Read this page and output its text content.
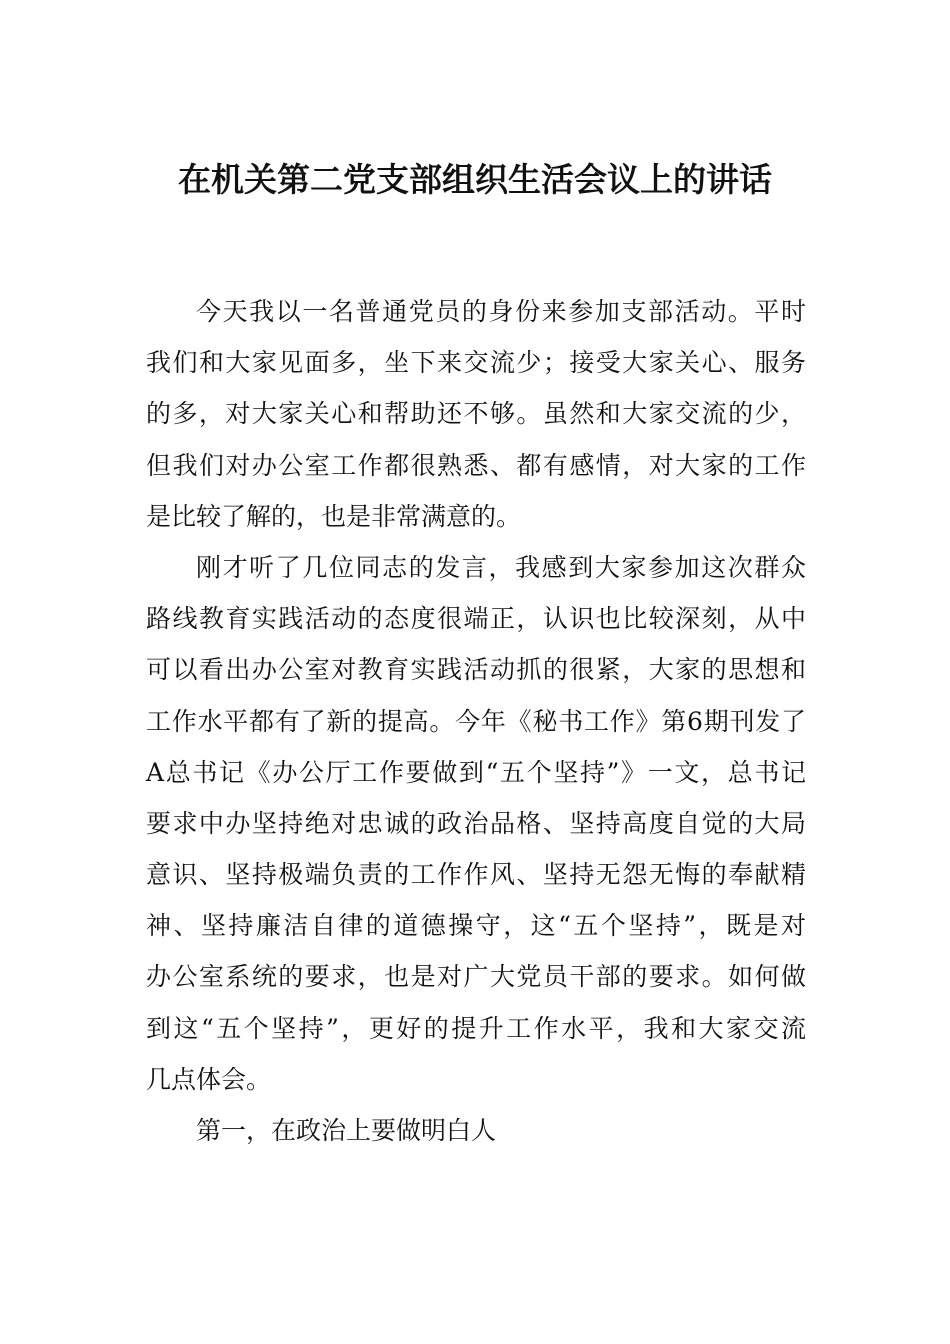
在机关第二党支部组织生活会议上的讲话
今天我以一名普通党员的身份来参加支部活动。平时
我们和大家见面多，坐下来交流少；接受大家关心、服务
的多，对大家关心和帮助还不够。虽然和大家交流的少，
但我们对办公室工作都很熟悉、都有感情，对大家的工作
是比较了解的，也是非常满意的。
刚才听了几位同志的发言，我感到大家参加这次群众
路线教育实践活动的态度很端正，认识也比较深刻，从中
可以看出办公室对教育实践活动抓的很紧，大家的思想和
工作水平都有了新的提高。今年《秘书工作》第6期刊发了
A总书记《办公厅工作要做到“五个坚持”》一文，总书记
要求中办坚持绝对忠诚的政治品格、坚持高度自觉的大局
意识、坚持极端负责的工作作风、坚持无怨无悔的奉献精
神、坚持廉洁自律的道德操守，这“五个坚持”，既是对
办公室系统的要求，也是对广大党员干部的要求。如何做
到这“五个坚持”，更好的提升工作水平，我和大家交流
几点体会。
第一，在政治上要做明白人
